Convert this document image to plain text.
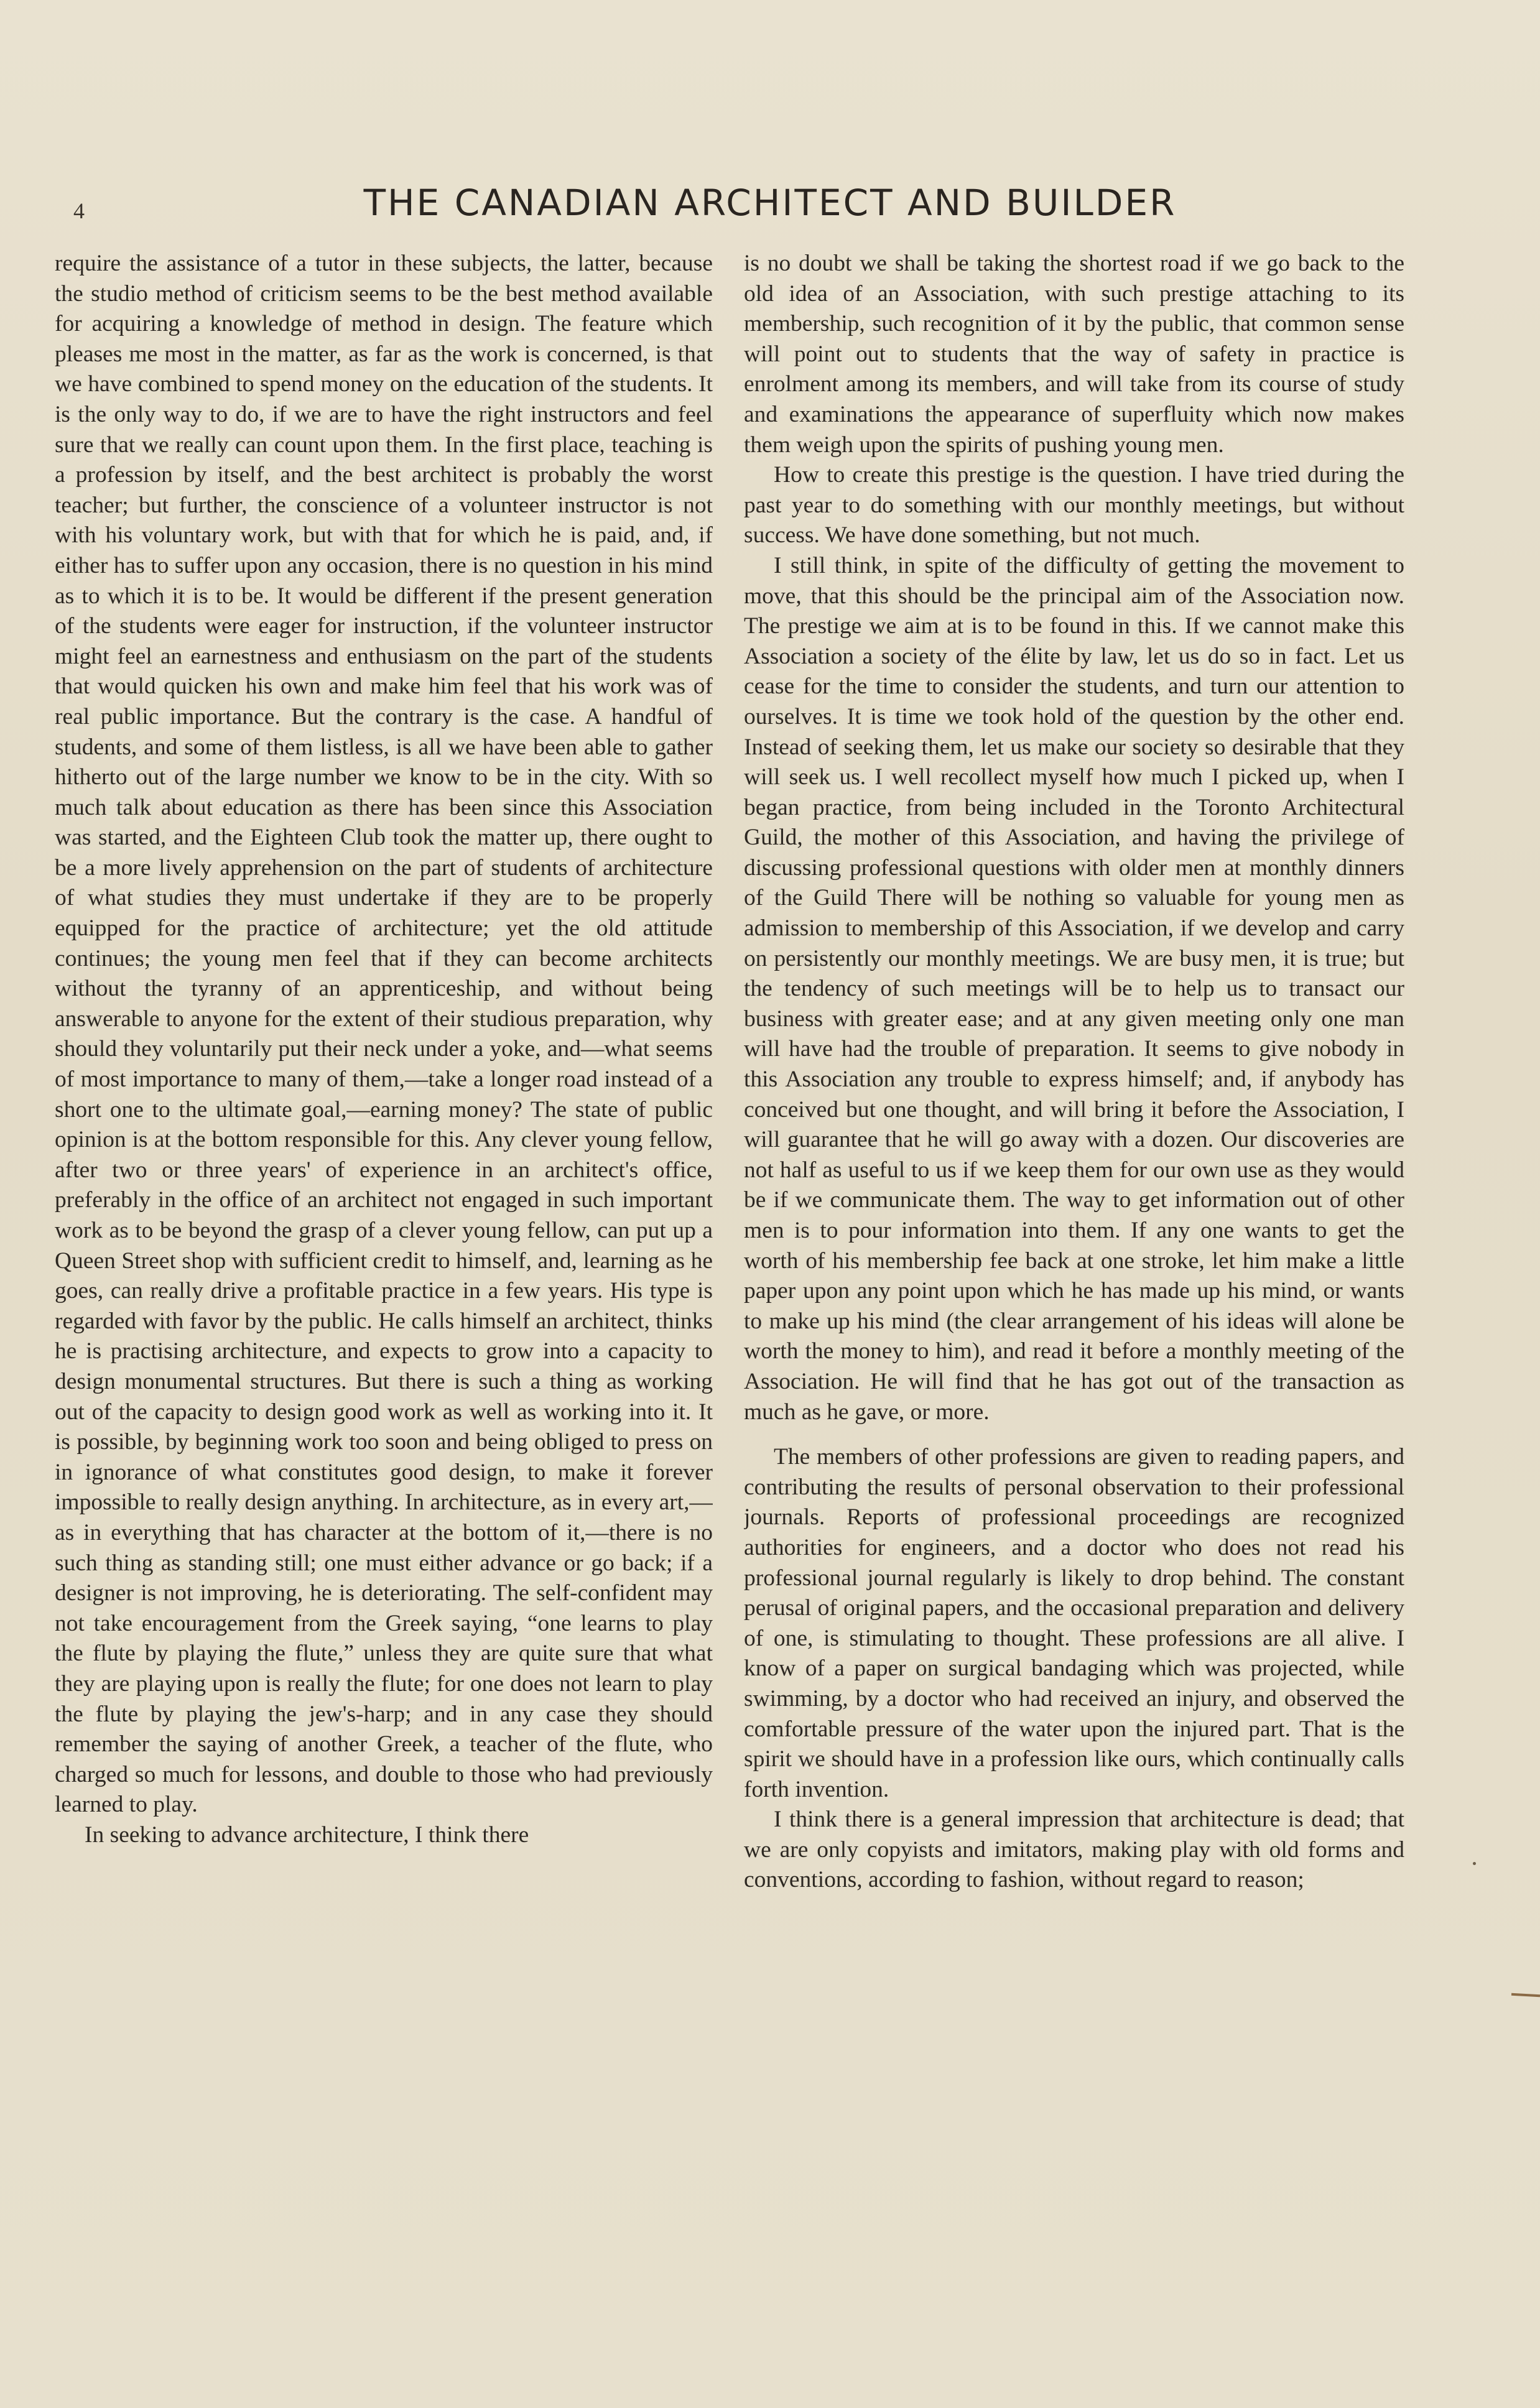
4	THE CANADIAN ARCHITECT AND BUILDER

require the assistance of a tutor in these subjects, the latter, because the studio method of criticism seems to be the best method available for acquiring a knowledge of method in design. The feature which pleases me most in the matter, as far as the work is concerned, is that we have combined to spend money on the education of the students. It is the only way to do, if we are to have the right instructors and feel sure that we really can count upon them. In the first place, teaching is a profession by itself, and the best architect is probably the worst teacher; but further, the conscience of a volunteer instructor is not with his voluntary work, but with that for which he is paid, and, if either has to suffer upon any occasion, there is no question in his mind as to which it is to be. It would be different if the present generation of the students were eager for instruction, if the volunteer instructor might feel an earnestness and enthusiasm on the part of the students that would quicken his own and make him feel that his work was of real public importance. But the contrary is the case. A handful of students, and some of them listless, is all we have been able to gather hitherto out of the large number we know to be in the city. With so much talk about education as there has been since this Association was started, and the Eighteen Club took the matter up, there ought to be a more lively apprehension on the part of students of architecture of what studies they must undertake if they are to be properly equipped for the practice of architecture; yet the old attitude continues; the young men feel that if they can become architects without the tyranny of an apprenticeship, and without being answerable to anyone for the extent of their studious preparation, why should they voluntarily put their neck under a yoke, and—what seems of most importance to many of them,—take a longer road instead of a short one to the ultimate goal,—earning money? The state of public opinion is at the bottom responsible for this. Any clever young fellow, after two or three years' of experience in an architect's office, preferably in the office of an architect not engaged in such important work as to be beyond the grasp of a clever young fellow, can put up a Queen Street shop with sufficient credit to himself, and, learning as he goes, can really drive a profitable practice in a few years. His type is regarded with favor by the public. He calls himself an architect, thinks he is practising architecture, and expects to grow into a capacity to design monumental structures. But there is such a thing as working out of the capacity to design good work as well as working into it. It is possible, by beginning work too soon and being obliged to press on in ignorance of what constitutes good design, to make it forever impossible to really design anything. In architecture, as in every art,—as in everything that has character at the bottom of it,—there is no such thing as standing still; one must either advance or go back; if a designer is not improving, he is deteriorating. The self-confident may not take encouragement from the Greek saying, “one learns to play the flute by playing the flute,” unless they are quite sure that what they are playing upon is really the flute; for one does not learn to play the flute by playing the jew's-harp; and in any case they should remember the saying of another Greek, a teacher of the flute, who charged so much for lessons, and double to those who had previously learned to play.

In seeking to advance architecture, I think there

is no doubt we shall be taking the shortest road if we go back to the old idea of an Association, with such prestige attaching to its membership, such recognition of it by the public, that common sense will point out to students that the way of safety in practice is enrolment among its members, and will take from its course of study and examinations the appearance of superfluity which now makes them weigh upon the spirits of pushing young men.

How to create this prestige is the question. I have tried during the past year to do something with our monthly meetings, but without success. We have done something, but not much.

I still think, in spite of the difficulty of getting the movement to move, that this should be the principal aim of the Association now. The prestige we aim at is to be found in this. If we cannot make this Association a society of the élite by law, let us do so in fact. Let us cease for the time to consider the students, and turn our attention to ourselves. It is time we took hold of the question by the other end. Instead of seeking them, let us make our society so desirable that they will seek us. I well recollect myself how much I picked up, when I began practice, from being included in the Toronto Architectural Guild, the mother of this Association, and having the privilege of discussing professional questions with older men at monthly dinners of the Guild There will be nothing so valuable for young men as admission to membership of this Association, if we develop and carry on persistently our monthly meetings. We are busy men, it is true; but the tendency of such meetings will be to help us to transact our business with greater ease; and at any given meeting only one man will have had the trouble of preparation. It seems to give nobody in this Association any trouble to express himself; and, if anybody has conceived but one thought, and will bring it before the Association, I will guarantee that he will go away with a dozen. Our discoveries are not half as useful to us if we keep them for our own use as they would be if we communicate them. The way to get information out of other men is to pour information into them. If any one wants to get the worth of his membership fee back at one stroke, let him make a little paper upon any point upon which he has made up his mind, or wants to make up his mind (the clear arrangement of his ideas will alone be worth the money to him), and read it before a monthly meeting of the Association. He will find that he has got out of the transaction as much as he gave, or more.

The members of other professions are given to reading papers, and contributing the results of personal observation to their professional journals. Reports of professional proceedings are recognized authorities for engineers, and a doctor who does not read his professional journal regularly is likely to drop behind. The constant perusal of original papers, and the occasional preparation and delivery of one, is stimulating to thought. These professions are all alive. I know of a paper on surgical bandaging which was projected, while swimming, by a doctor who had received an injury, and observed the comfortable pressure of the water upon the injured part. That is the spirit we should have in a profession like ours, which continually calls forth invention.

I think there is a general impression that architecture is dead; that we are only copyists and imitators, making play with old forms and conventions, according to fashion, without regard to reason;
